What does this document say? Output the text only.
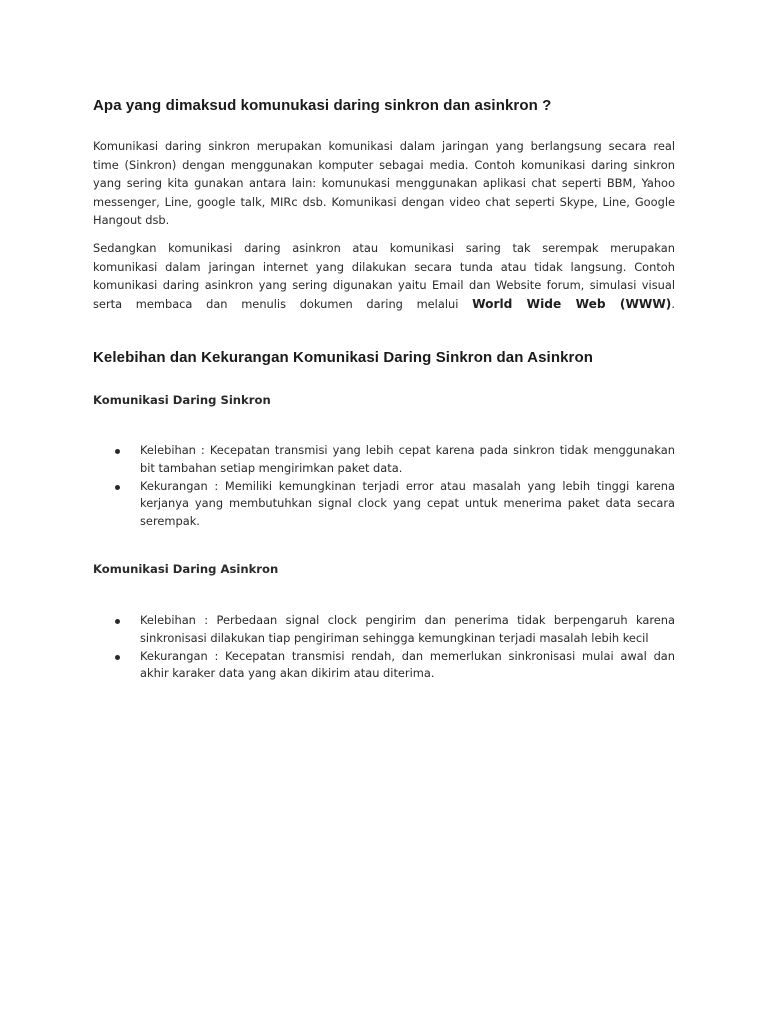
Apa yang dimaksud komunukasi daring sinkron dan asinkron ?
Komunikasi daring sinkron merupakan komunikasi dalam jaringan yang berlangsung secara real
time (Sinkron) dengan menggunakan komputer sebagai media. Contoh komunikasi daring sinkron
yang sering kita gunakan antara lain: komunukasi menggunakan aplikasi chat seperti BBM, Yahoo
messenger, Line, google talk, MIRc dsb. Komunikasi dengan video chat seperti Skype, Line, Google
Hangout dsb.
Sedangkan komunikasi daring asinkron atau komunikasi saring tak serempak merupakan
komunikasi dalam jaringan internet yang dilakukan secara tunda atau tidak langsung. Contoh
komunikasi daring asinkron yang sering digunakan yaitu Email dan Website forum, simulasi visual
serta membaca dan menulis dokumen daring melalui World Wide Web (WWW).
Kelebihan dan Kekurangan Komunikasi Daring Sinkron dan Asinkron
Komunikasi Daring Sinkron
Kelebihan : Kecepatan transmisi yang lebih cepat karena pada sinkron tidak menggunakan
bit tambahan setiap mengirimkan paket data.
Kekurangan : Memiliki kemungkinan terjadi error atau masalah yang lebih tinggi karena
kerjanya yang membutuhkan signal clock yang cepat untuk menerima paket data secara
serempak.
Komunikasi Daring Asinkron
Kelebihan : Perbedaan signal clock pengirim dan penerima tidak berpengaruh karena
sinkronisasi dilakukan tiap pengiriman sehingga kemungkinan terjadi masalah lebih kecil
Kekurangan : Kecepatan transmisi rendah, dan memerlukan sinkronisasi mulai awal dan
akhir karaker data yang akan dikirim atau diterima.
